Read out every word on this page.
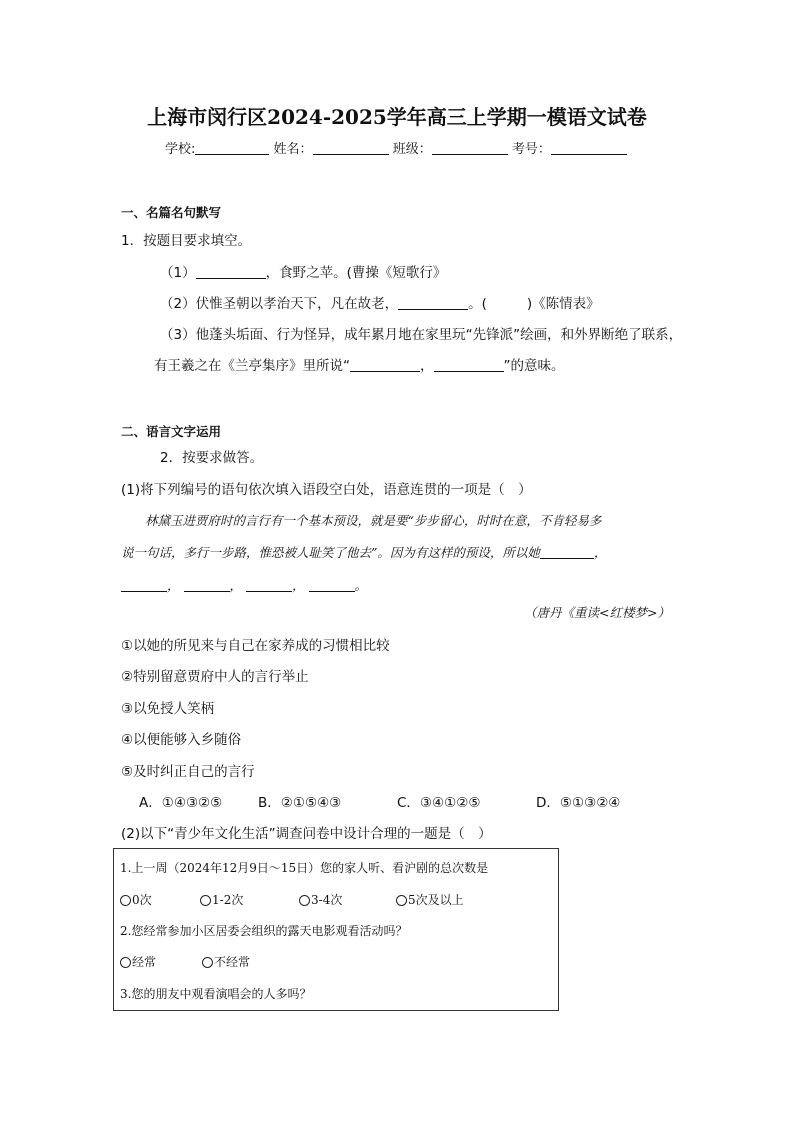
上海市闵行区2024-2025学年高三上学期一模语文试卷
学校:	姓名：	班级：	考号：
一、名篇名句默写
1．按题目要求填空。
（1）	，食野之苹。(曹操《短歌行》
（2）伏惟圣朝以孝治天下，凡在故老，	。(	)《陈情表》
（3）他蓬头垢面、行为怪异，成年累月地在家里玩“先锋派”绘画，和外界断绝了联系，
有王羲之在《兰亭集序》里所说“	，	”的意味。
二、语言文字运用
2．按要求做答。
(1)将下列编号的语句依次填入语段空白处，语意连贯的一项是（　）
林黛玉进贾府时的言行有一个基本预设，就是要“步步留心，时时在意，不肯轻易多
说一句话，多行一步路，惟恐被人耻笑了他去”。因为有这样的预设，所以她	，
，	，	，	。
（唐丹《重读<红楼梦>）
①以她的所见来与自己在家养成的习惯相比较
②特别留意贾府中人的言行举止
③以免授人笑柄
④以便能够入乡随俗
⑤及时纠正自己的言行
A．①④③②⑤	B．②①⑤④③	C．③④①②⑤	D．⑤①③②④
(2)以下“青少年文化生活”调查问卷中设计合理的一题是（　）
1.上一周（2024年12月9日～15日）您的家人听、看沪剧的总次数是
0次	1-2次	3-4次	5次及以上
2.您经常参加小区居委会组织的露天电影观看活动吗？
经常	不经常
3.您的朋友中观看演唱会的人多吗？
